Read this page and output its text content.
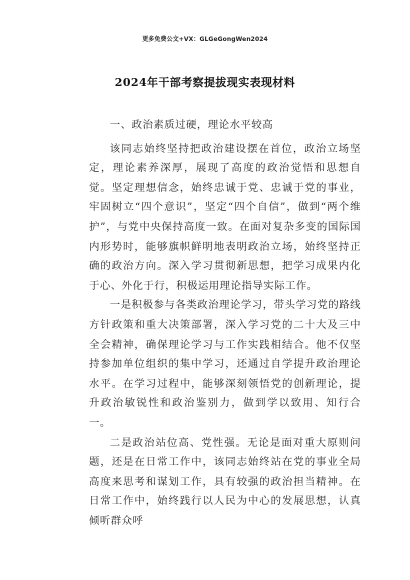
更多免费公文+VX：GLGeGongWen2024
2024年干部考察提拔现实表现材料

一、政治素质过硬，理论水平较高

该同志始终坚持把政治建设摆在首位，政治立场坚定，理论素养深厚，展现了高度的政治觉悟和思想自觉。坚定理想信念，始终忠诚于党、忠诚于党的事业，牢固树立“四个意识”，坚定“四个自信”，做到“两个维护”，与党中央保持高度一致。在面对复杂多变的国际国内形势时，能够旗帜鲜明地表明政治立场，始终坚持正确的政治方向。深入学习贯彻新思想，把学习成果内化于心、外化于行，积极运用理论指导实际工作。

一是积极参与各类政治理论学习，带头学习党的路线方针政策和重大决策部署，深入学习党的二十大及三中全会精神，确保理论学习与工作实践相结合。他不仅坚持参加单位组织的集中学习，还通过自学提升政治理论水平。在学习过程中，能够深刻领悟党的创新理论，提升政治敏锐性和政治鉴别力，做到学以致用、知行合一。

二是政治站位高、党性强。无论是面对重大原则问题，还是在日常工作中，该同志始终站在党的事业全局高度来思考和谋划工作，具有较强的政治担当精神。在日常工作中，始终践行以人民为中心的发展思想，认真倾听群众呼
